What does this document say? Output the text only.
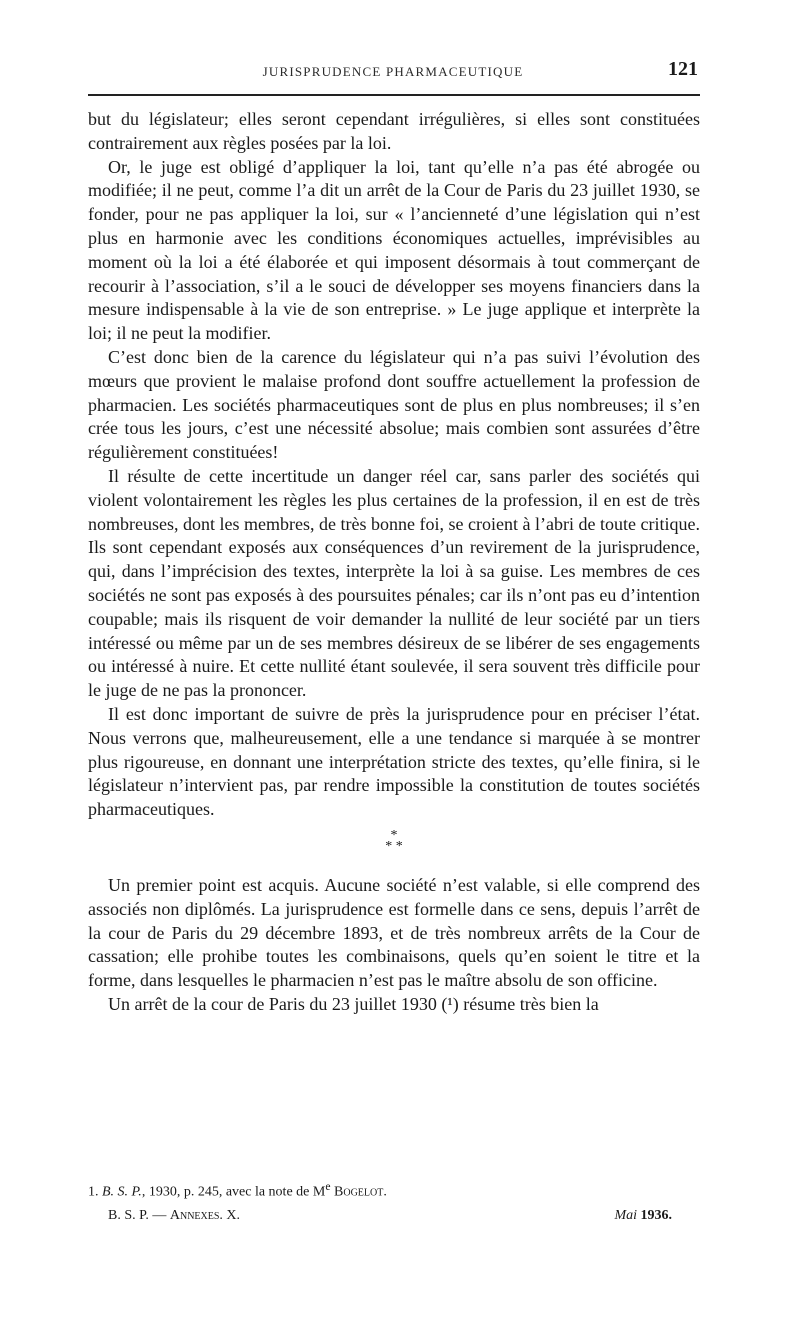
JURISPRUDENCE PHARMACEUTIQUE	121

but du législateur; elles seront cependant irrégulières, si elles sont constituées contrairement aux règles posées par la loi.

Or, le juge est obligé d’appliquer la loi, tant qu’elle n’a pas été abrogée ou modifiée; il ne peut, comme l’a dit un arrêt de la Cour de Paris du 23 juillet 1930, se fonder, pour ne pas appliquer la loi, sur « l’ancienneté d’une législation qui n’est plus en harmonie avec les conditions économiques actuelles, imprévisibles au moment où la loi a été élaborée et qui imposent désormais à tout commerçant de recourir à l’association, s’il a le souci de développer ses moyens financiers dans la mesure indispensable à la vie de son entreprise. » Le juge applique et interprète la loi; il ne peut la modifier.

C’est donc bien de la carence du législateur qui n’a pas suivi l’évolution des mœurs que provient le malaise profond dont souffre actuellement la profession de pharmacien. Les sociétés pharmaceutiques sont de plus en plus nombreuses; il s’en crée tous les jours, c’est une nécessité absolue; mais combien sont assurées d’être régulièrement constituées!

Il résulte de cette incertitude un danger réel car, sans parler des sociétés qui violent volontairement les règles les plus certaines de la profession, il en est de très nombreuses, dont les membres, de très bonne foi, se croient à l’abri de toute critique. Ils sont cependant exposés aux conséquences d’un revirement de la jurisprudence, qui, dans l’imprécision des textes, interprète la loi à sa guise. Les membres de ces sociétés ne sont pas exposés à des poursuites pénales; car ils n’ont pas eu d’intention coupable; mais ils risquent de voir demander la nullité de leur société par un tiers intéressé ou même par un de ses membres désireux de se libérer de ses engagements ou intéressé à nuire. Et cette nullité étant soulevée, il sera souvent très difficile pour le juge de ne pas la prononcer.

Il est donc important de suivre de près la jurisprudence pour en préciser l’état. Nous verrons que, malheureusement, elle a une tendance si marquée à se montrer plus rigoureuse, en donnant une interprétation stricte des textes, qu’elle finira, si le législateur n’intervient pas, par rendre impossible la constitution de toutes sociétés pharmaceutiques.

*
* *

Un premier point est acquis. Aucune société n’est valable, si elle comprend des associés non diplômés. La jurisprudence est formelle dans ce sens, depuis l’arrêt de la cour de Paris du 29 décembre 1893, et de très nombreux arrêts de la Cour de cassation; elle prohibe toutes les combinaisons, quels qu’en soient le titre et la forme, dans lesquelles le pharmacien n’est pas le maître absolu de son officine.

Un arrêt de la cour de Paris du 23 juillet 1930 (¹) résume très bien la

1. B. S. P., 1930, p. 245, avec la note de Me Bogelot.
B. S. P. — Annexes. X.	Mai 1936.
